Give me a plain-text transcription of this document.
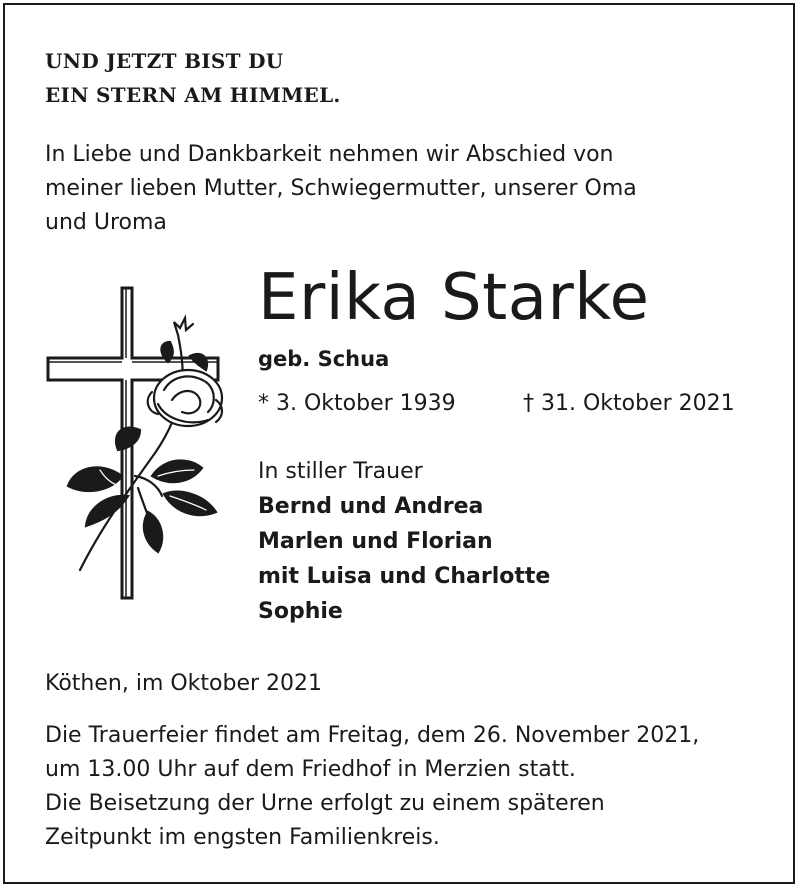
UND JETZT BIST DU
EIN STERN AM HIMMEL.

In Liebe und Dankbarkeit nehmen wir Abschied von
meiner lieben Mutter, Schwiegermutter, unserer Oma
und Uroma

Erika Starke

geb. Schua

* 3. Oktober 1939	† 31. Oktober 2021

In stiller Trauer

Bernd und Andrea
Marlen und Florian
mit Luisa und Charlotte
Sophie

Köthen, im Oktober 2021

Die Trauerfeier findet am Freitag, dem 26. November 2021,
um 13.00 Uhr auf dem Friedhof in Merzien statt.
Die Beisetzung der Urne erfolgt zu einem späteren
Zeitpunkt im engsten Familienkreis.
